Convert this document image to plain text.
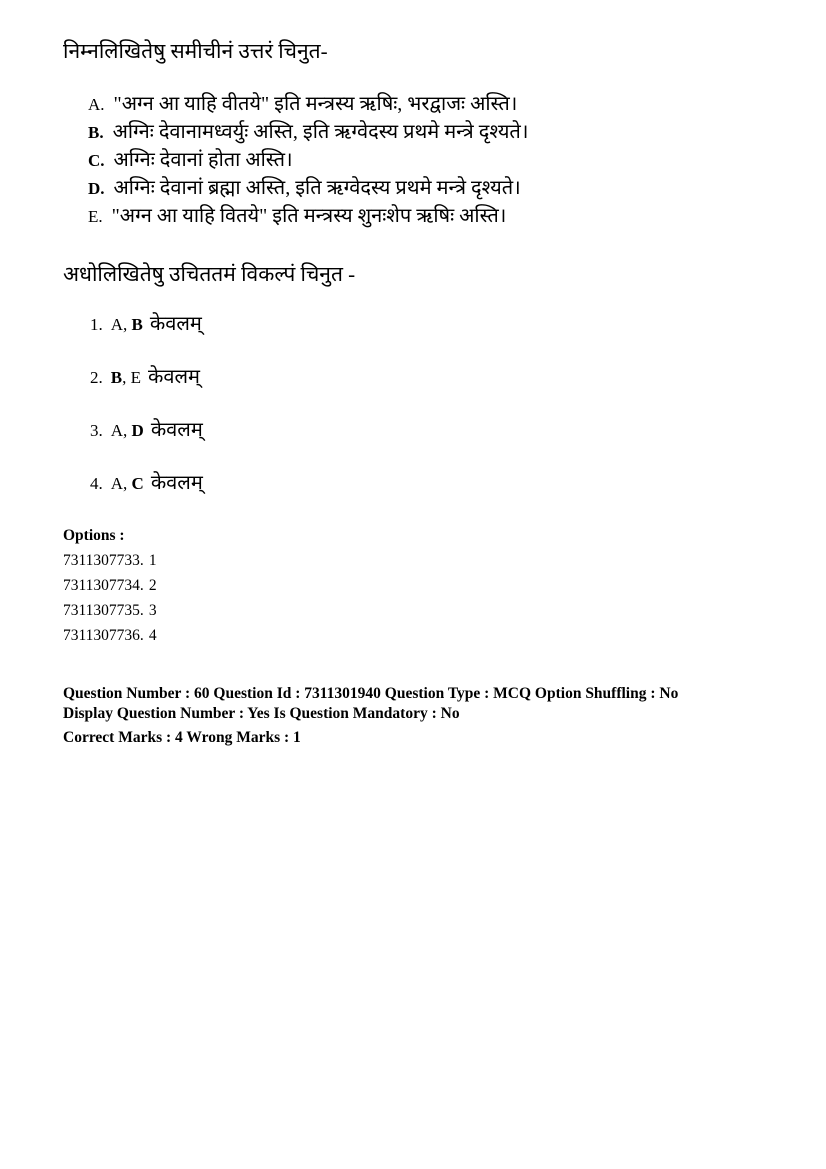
निम्नलिखितेषु समीचीनं उत्तरं चिनुत-
A. "अग्न आ याहि वीतये" इति मन्त्रस्य ऋषिः, भरद्वाजः अस्ति।
B. अग्निः देवानामध्वर्युः अस्ति, इति ऋग्वेदस्य प्रथमे मन्त्रे दृश्यते।
C. अग्निः देवानां होता अस्ति।
D. अग्निः देवानां ब्रह्मा अस्ति, इति ऋग्वेदस्य प्रथमे मन्त्रे दृश्यते।
E. "अग्न आ याहि वितये" इति मन्त्रस्य शुनःशेप ऋषिः अस्ति।
अधोलिखितेषु उचिततमं विकल्पं चिनुत -
1. A, B केवलम्
2. B, E केवलम्
3. A, D केवलम्
4. A, C केवलम्
Options :
7311307733. 1
7311307734. 2
7311307735. 3
7311307736. 4
Question Number : 60 Question Id : 7311301940 Question Type : MCQ Option Shuffling : No
Display Question Number : Yes Is Question Mandatory : No
Correct Marks : 4 Wrong Marks : 1
